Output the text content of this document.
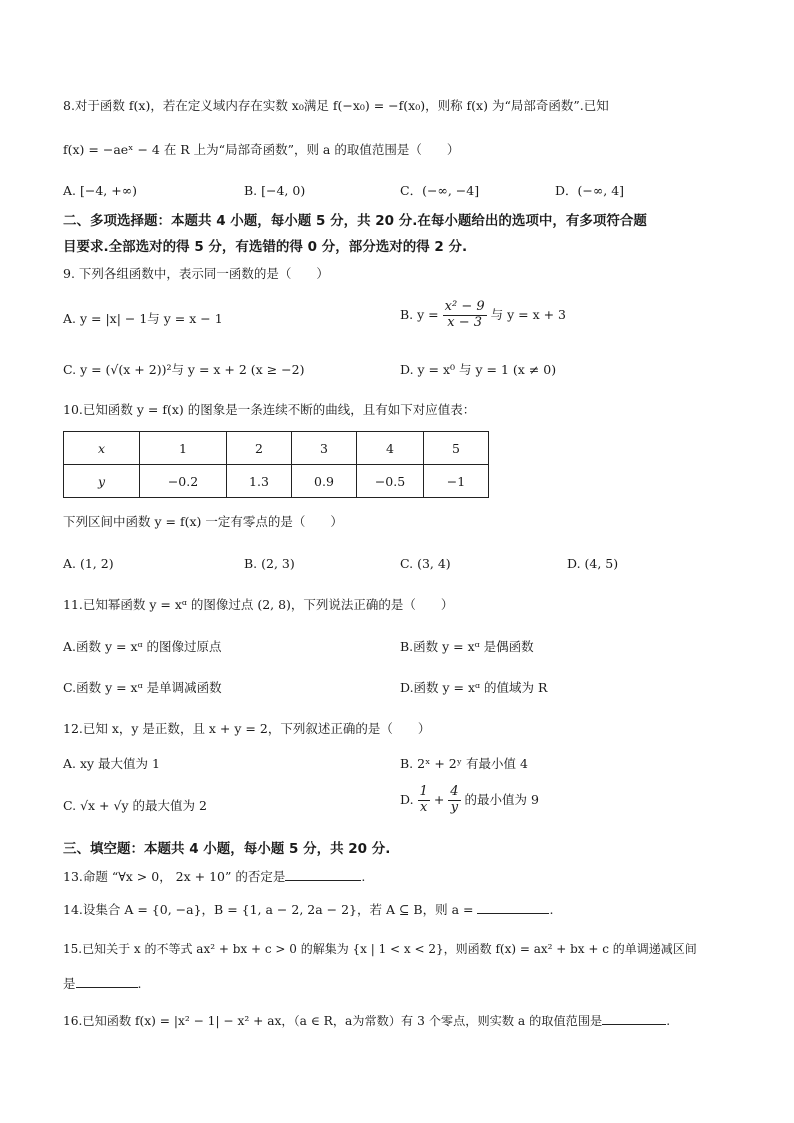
8.对于函数 f(x)，若在定义域内存在实数 x₀满足 f(−x₀) = −f(x₀)，则称 f(x) 为“局部奇函数”.已知
f(x) = −aeˣ − 4 在 R 上为“局部奇函数”，则 a 的取值范围是（　　）
A. [−4, +∞)	B. [−4, 0)	C．(−∞, −4]	D．(−∞, 4]
二、多项选择题：本题共 4 小题，每小题 5 分，共 20 分.在每小题给出的选项中，有多项符合题
目要求.全部选对的得 5 分，有选错的得 0 分，部分选对的得 2 分.
9. 下列各组函数中，表示同一函数的是（　　）
A. y = |x| − 1与 y = x − 1	B. $y = \frac{\text{x² − 9}}{x - 3}$ 与 y = x + 3
C. y = (√(x + 2))²与 y = x + 2 (x ≥ −2)	D. y = x⁰ 与 y = 1 (x ≠ 0)
10.已知函数 y = f(x) 的图象是一条连续不断的曲线，且有如下对应值表：
x	1	2	3	4	5
y	−0.2	1.3	0.9	−0.5	−1
下列区间中函数 y = f(x) 一定有零点的是（　　）
A. (1, 2)	B. (2, 3)	C. (3, 4)	D. (4, 5)
11.已知幂函数 y = xᵅ 的图像过点 (2, 8)，下列说法正确的是（　　）
A.函数 y = xᵅ 的图像过原点	B.函数 y = xᵅ 是偶函数
C.函数 y = xᵅ 是单调减函数	D.函数 y = xᵅ 的值域为 R
12.已知 x，y 是正数，且 x + y = 2，下列叙述正确的是（　　）
A. xy 最大值为 1	B. 2ˣ + 2ʸ 有最小值 4
C. √x + √y 的最大值为 2	D. $\frac{1}{x} + \frac{4}{y}$ 的最小值为 9
三、填空题：本题共 4 小题，每小题 5 分，共 20 分.
13.命题 “∀x > 0， 2x + 10” 的否定是	.
14.设集合 A = {0, −a}，B = {1, a − 2, 2a − 2}，若 A ⊆ B，则 a =	.
15.已知关于 x 的不等式 ax² + bx + c > 0 的解集为 {x | 1 < x < 2}，则函数 f(x) = ax² + bx + c 的单调递减区间
是	.
16.已知函数 f(x) = |x² − 1| − x² + ax，（a ∈ R，a为常数）有 3 个零点，则实数 a 的取值范围是	.
